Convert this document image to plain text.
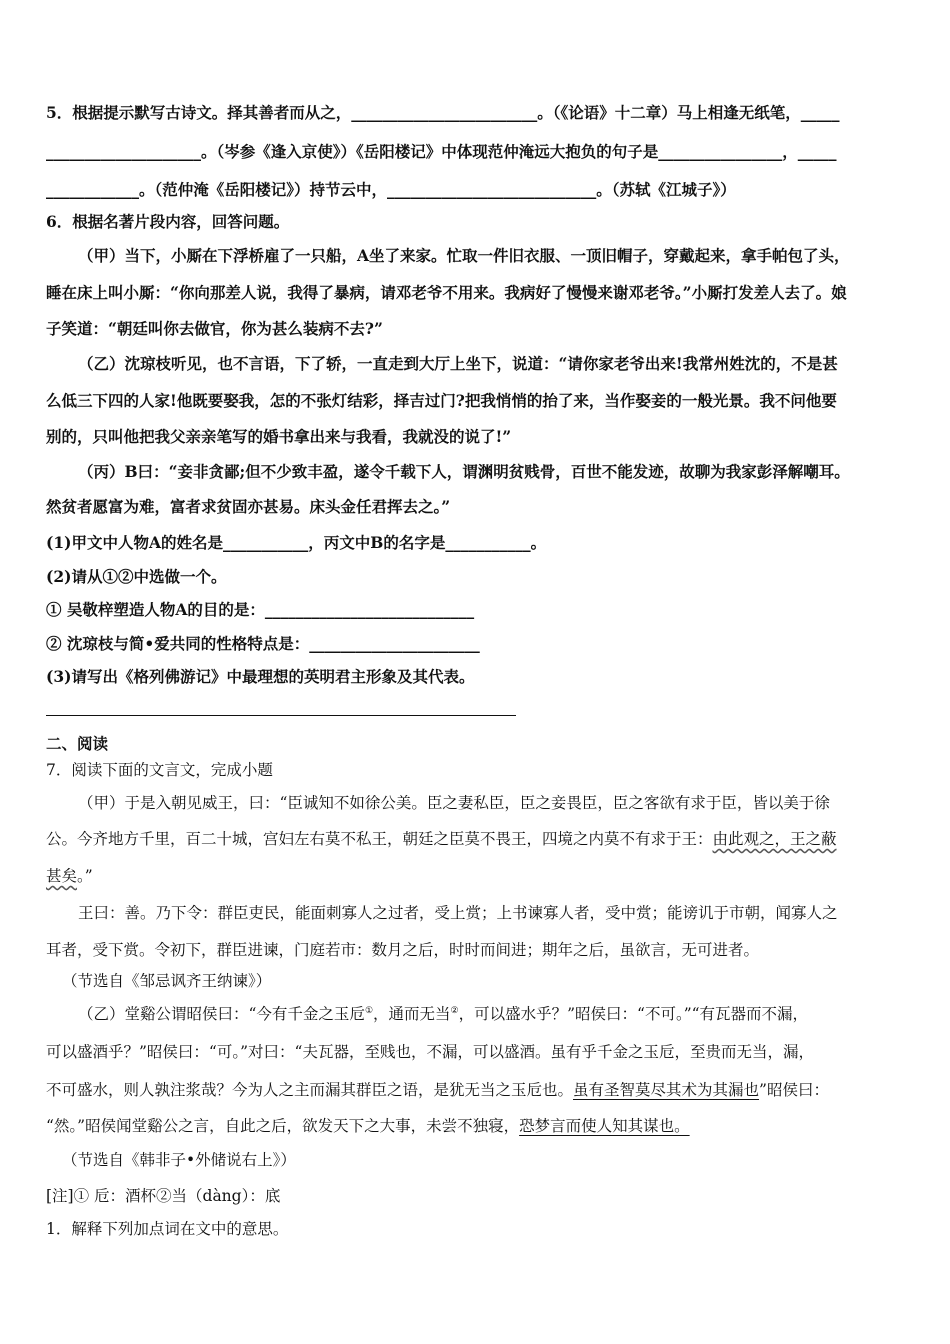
5．根据提示默写古诗文。择其善者而从之，________________________。（《论语》十二章）马上相逢无纸笔，_____
____________________。（岑参《逢入京使》）《岳阳楼记》中体现范仲淹远大抱负的句子是________________，_____
____________。（范仲淹《岳阳楼记》）持节云中，___________________________。（苏轼《江城子》）
6．根据名著片段内容，回答问题。
（甲）当下，小厮在下浮桥雇了一只船，A坐了来家。忙取一件旧衣服、一顶旧帽子，穿戴起来，拿手帕包了头，
睡在床上叫小厮：“你向那差人说，我得了暴病，请邓老爷不用来。我病好了慢慢来谢邓老爷。”小厮打发差人去了。娘
子笑道：“朝廷叫你去做官，你为甚么装病不去?”
（乙）沈琼枝听见，也不言语，下了轿，一直走到大厅上坐下，说道：“请你家老爷出来!我常州姓沈的，不是甚
么低三下四的人家!他既要娶我，怎的不张灯结彩，择吉过门?把我悄悄的抬了来，当作娶妾的一般光景。我不问他要
别的，只叫他把我父亲亲笔写的婚书拿出来与我看，我就没的说了!”
（丙）B曰：“妾非贪鄙;但不少致丰盈，遂令千载下人，谓渊明贫贱骨，百世不能发迹，故聊为我家彭泽解嘲耳。
然贫者愿富为难，富者求贫固亦甚易。床头金任君挥去之。”
(1)甲文中人物A的姓名是___________，丙文中B的名字是___________。
(2)请从①②中选做一个。
① 吴敬梓塑造人物A的目的是：___________________________
② 沈琼枝与简•爱共同的性格特点是：______________________
(3)请写出《格列佛游记》中最理想的英明君主形象及其代表。
二、阅读
7．阅读下面的文言文，完成小题
（甲）于是入朝见威王，曰：“臣诚知不如徐公美。臣之妻私臣，臣之妾畏臣，臣之客欲有求于臣，皆以美于徐
公。今齐地方千里，百二十城，宫妇左右莫不私王，朝廷之臣莫不畏王，四境之内莫不有求于王：由此观之，王之蔽
甚矣。”
王曰：善。乃下令：群臣吏民，能面刺寡人之过者，受上赏；上书谏寡人者，受中赏；能谤讥于市朝，闻寡人之
耳者，受下赏。令初下，群臣进谏，门庭若市：数月之后，时时而间进；期年之后，虽欲言，无可进者。
（节选自《邹忌讽齐王纳谏》）
（乙）堂谿公谓昭侯曰：“今有千金之玉卮①，通而无当②，可以盛水乎？”昭侯曰：“不可。”“有瓦器而不漏，
可以盛酒乎？”昭侯曰：“可。”对曰：“夫瓦器，至贱也，不漏，可以盛酒。虽有乎千金之玉卮，至贵而无当，漏，
不可盛水，则人孰注浆哉？今为人之主而漏其群臣之语，是犹无当之玉卮也。虽有圣智莫尽其术为其漏也”昭侯曰：
“然。”昭侯闻堂谿公之言，自此之后，欲发天下之大事，未尝不独寝，恐梦言而使人知其谋也。
（节选自《韩非子•外储说右上》）
[注]① 卮：酒杯②当（dàng）：底
1．解释下列加点词在文中的意思。
